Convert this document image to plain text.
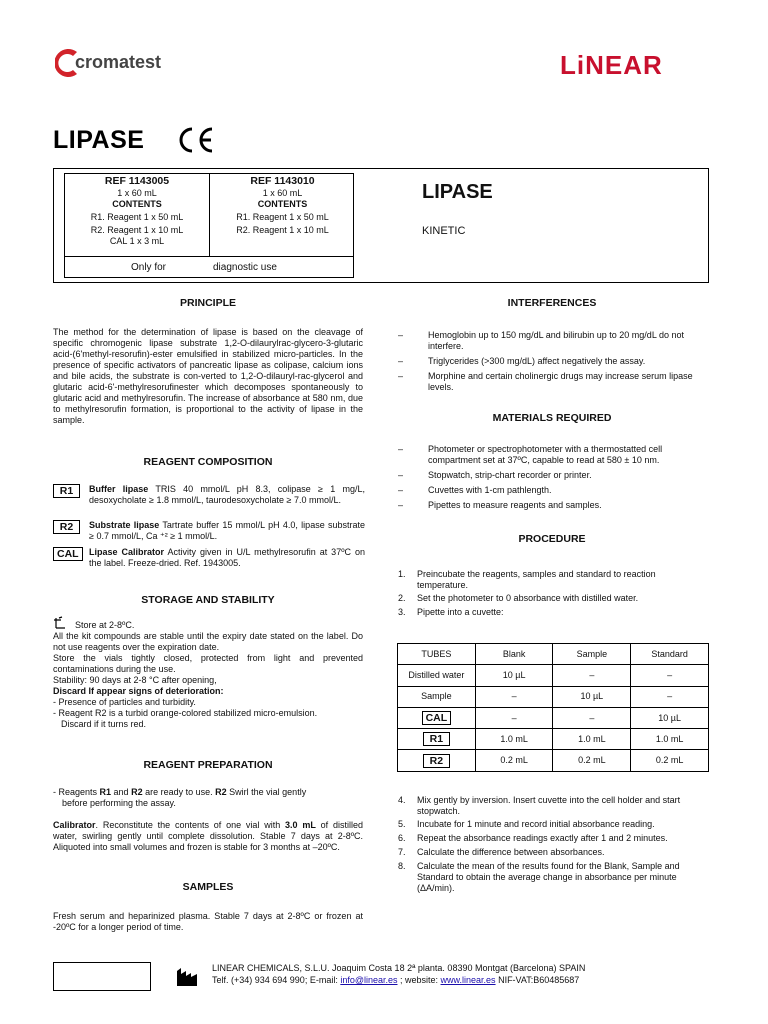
cromatest	LiNEAR
LIPASE
REF 1143005
1 x 60 mL
CONTENTS
R1. Reagent 1 x 50 mL
R2. Reagent 1 x 10 mL
CAL 1 x 3 mL
REF 1143010
1 x 60 mL
CONTENTS
R1. Reagent 1 x 50 mL
R2. Reagent 1 x 10 mL
Only for	diagnostic use
LIPASE
KINETIC
PRINCIPLE
The method for the determination of lipase is based on the cleavage of specific chromogenic lipase substrate 1,2-O-dilaurylrac-glycero-3-glutaric acid-(6'methyl-resorufin)-ester emulsified in stabilized micro-particles. In the presence of specific activators of pancreatic lipase as colipase, calcium ions and bile acids, the substrate is con-verted to 1,2-O-dilauryl-rac-glycerol and glutaric acid-6'-methylresorufinester which decomposes spontaneously to glutaric acid and methylresorufin. The increase of absorbance at 580 nm, due to methylresorufin formation, is proportional to the activity of lipase in the sample.
REAGENT COMPOSITION
R1	Buffer lipase TRIS 40 mmol/L pH 8.3, colipase ≥ 1 mg/L, desoxycholate ≥ 1.8 mmol/L, taurodesoxycholate ≥ 7.0 mmol/L.
R2	Substrate lipase Tartrate buffer 15 mmol/L pH 4.0, lipase substrate ≥ 0.7 mmol/L, Ca ⁺² ≥ 1 mmol/L.
CAL	Lipase Calibrator Activity given in U/L methylresorufin at 37ºC on the label. Freeze-dried. Ref. 1943005.
STORAGE AND STABILITY
Store at 2-8ºC.
All the kit compounds are stable until the expiry date stated on the label. Do not use reagents over the expiration date.
Store the vials tightly closed, protected from light and prevented contaminations during the use.
Stability: 90 days at 2-8 °C after opening,
Discard If appear signs of deterioration:
- Presence of particles and turbidity.
- Reagent R2 is a turbid orange-colored stabilized micro-emulsion.
Discard if it turns red.
REAGENT PREPARATION
- Reagents R1 and R2 are ready to use. R2 Swirl the vial gently
before performing the assay.
Calibrator. Reconstitute the contents of one vial with 3.0 mL of distilled water, swirling gently until complete dissolution. Stable 7 days at 2-8ºC. Aliquoted into small volumes and frozen is stable for 3 months at –20ºC.
SAMPLES
Fresh serum and heparinized plasma. Stable 7 days at 2-8ºC or frozen at -20ºC for a longer period of time.
INTERFERENCES
–	Hemoglobin up to 150 mg/dL and bilirubin up to 20 mg/dL do not interfere.
–	Triglycerides (>300 mg/dL) affect negatively the assay.
–	Morphine and certain cholinergic drugs may increase serum lipase levels.
MATERIALS REQUIRED
–	Photometer or spectrophotometer with a thermostatted cell compartment set at 37ºC, capable to read at 580 ± 10 nm.
–	Stopwatch, strip-chart recorder or printer.
–	Cuvettes with 1-cm pathlength.
–	Pipettes to measure reagents and samples.
PROCEDURE
1. Preincubate the reagents, samples and standard to reaction temperature.
2. Set the photometer to 0 absorbance with distilled water.
3. Pipette into a cuvette:
TUBES	Blank	Sample	Standard
Distilled water	10 µL	–	–
Sample	–	10 µL	–
CAL	–	–	10 µL
R1	1.0 mL	1.0 mL	1.0 mL
R2	0.2 mL	0.2 mL	0.2 mL
4. Mix gently by inversion. Insert cuvette into the cell holder and start stopwatch.
5. Incubate for 1 minute and record initial absorbance reading.
6. Repeat the absorbance readings exactly after 1 and 2 minutes.
7. Calculate the difference between absorbances.
8. Calculate the mean of the results found for the Blank, Sample and Standard to obtain the average change in absorbance per minute (ΔA/min).
LINEAR CHEMICALS, S.L.U. Joaquim Costa 18 2ª planta. 08390 Montgat (Barcelona) SPAIN
Telf. (+34) 934 694 990; E-mail: info@linear.es ; website: www.linear.es NIF-VAT:B60485687
